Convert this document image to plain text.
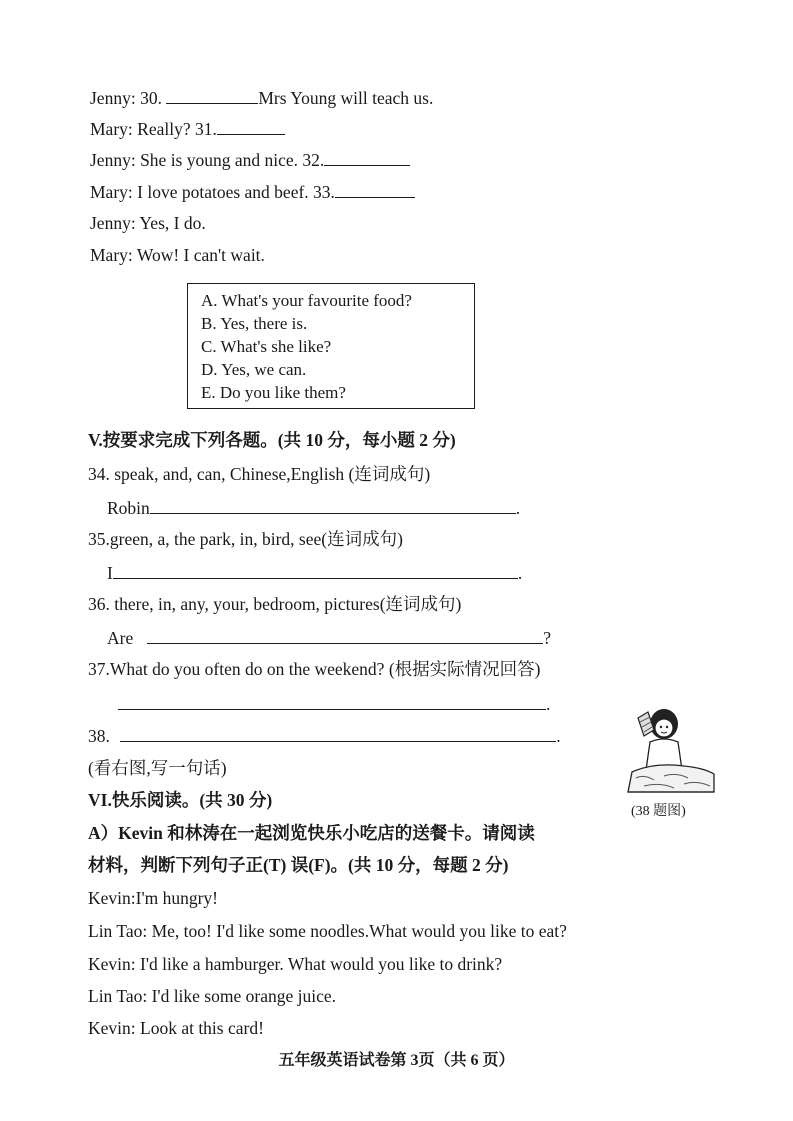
Jenny: 30.	Mrs Young will teach us.
Mary: Really? 31.
Jenny: She is young and nice. 32.
Mary: I love potatoes and beef. 33.
Jenny: Yes, I do.
Mary: Wow! I can't wait.
A. What's your favourite food?
B. Yes, there is.
C. What's she like?
D. Yes, we can.
E. Do you like them?
V.按要求完成下列各题。(共 10 分，每小题 2 分)
34. speak, and, can, Chinese,English (连词成句)
Robin	.
35.green, a, the park, in, bird, see(连词成句)
I	.
36. there, in, any, your, bedroom, pictures(连词成句)
Are	?
37.What do you often do on the weekend? (根据实际情况回答)
.
38.	.
(看右图,写一句话)
(38 题图)
VI.快乐阅读。(共 30 分)
A）Kevin 和林涛在一起浏览快乐小吃店的送餐卡。请阅读
材料，判断下列句子正(T) 误(F)。(共 10 分，每题 2 分)
Kevin:I'm hungry!
Lin Tao: Me, too! I'd like some noodles.What would you like to eat?
Kevin: I'd like a hamburger. What would you like to drink?
Lin Tao: I'd like some orange juice.
Kevin: Look at this card!
五年级英语试卷第 3页（共 6 页）
